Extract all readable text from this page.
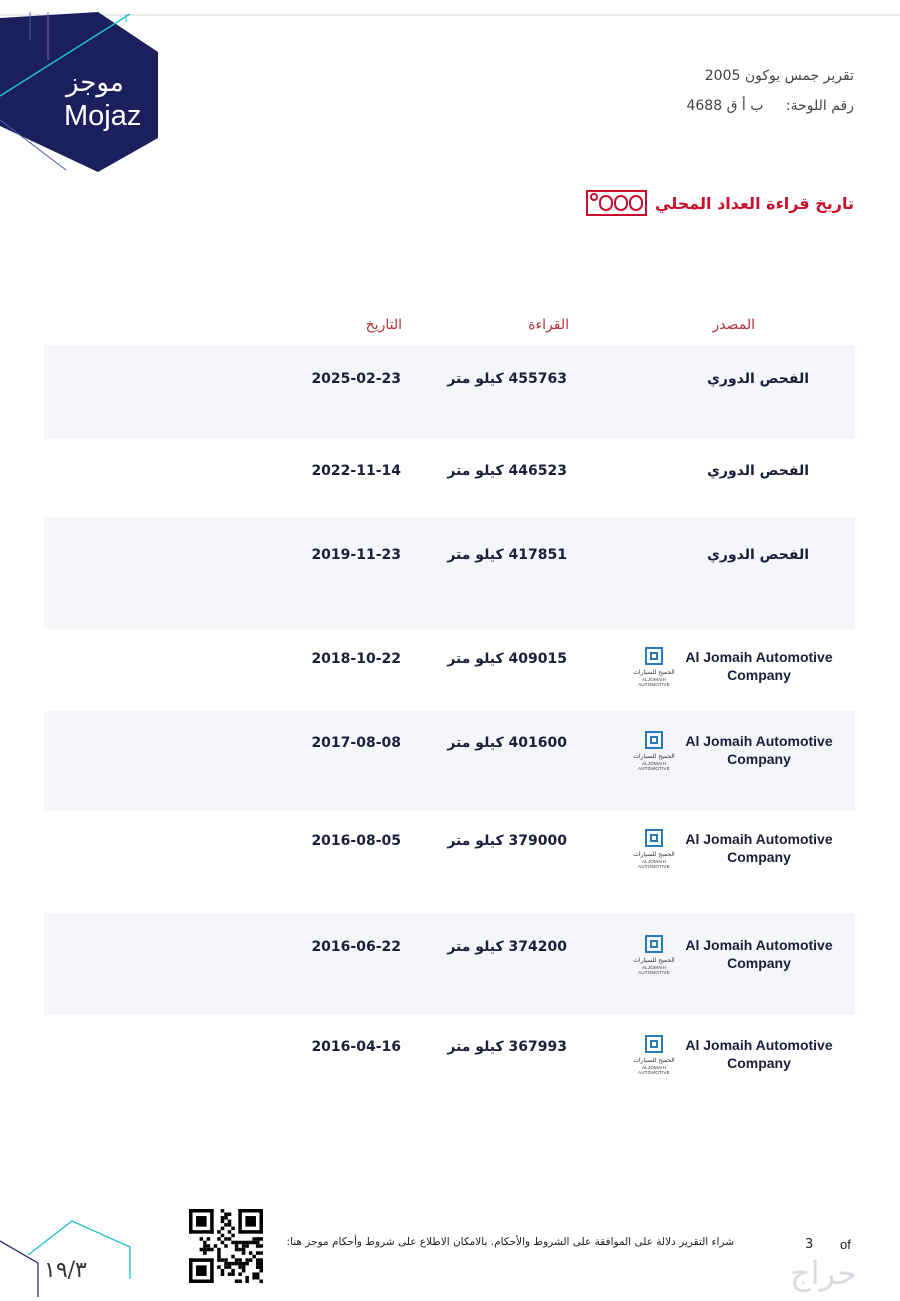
موجز
Mojaz
تقرير جمس يوكون 2005
رقم اللوحة: ب أ ق 4688
تاريخ قراءة العداد المحلي
المصدر
القراءة
التاريخ
الفحص الدوري
455763 كيلو متر
2025-02-23
الفحص الدوري
446523 كيلو متر
2022-11-14
الفحص الدوري
417851 كيلو متر
2019-11-23
Al Jomaih Automotive Company
الجميح للسيارات
ALJOMAIH AUTOMOTIVE
409015 كيلو متر
2018-10-22
Al Jomaih Automotive Company
الجميح للسيارات
ALJOMAIH AUTOMOTIVE
401600 كيلو متر
2017-08-08
Al Jomaih Automotive Company
الجميح للسيارات
ALJOMAIH AUTOMOTIVE
379000 كيلو متر
2016-08-05
Al Jomaih Automotive Company
الجميح للسيارات
ALJOMAIH AUTOMOTIVE
374200 كيلو متر
2016-06-22
Al Jomaih Automotive Company
الجميح للسيارات
ALJOMAIH AUTOMOTIVE
367993 كيلو متر
2016-04-16
١٩/٣
شراء التقرير دلالة على الموافقة على الشروط والأحكام. بالامكان الاطلاع على شروط وأحكام موجز هنا:	3 of
حراج
